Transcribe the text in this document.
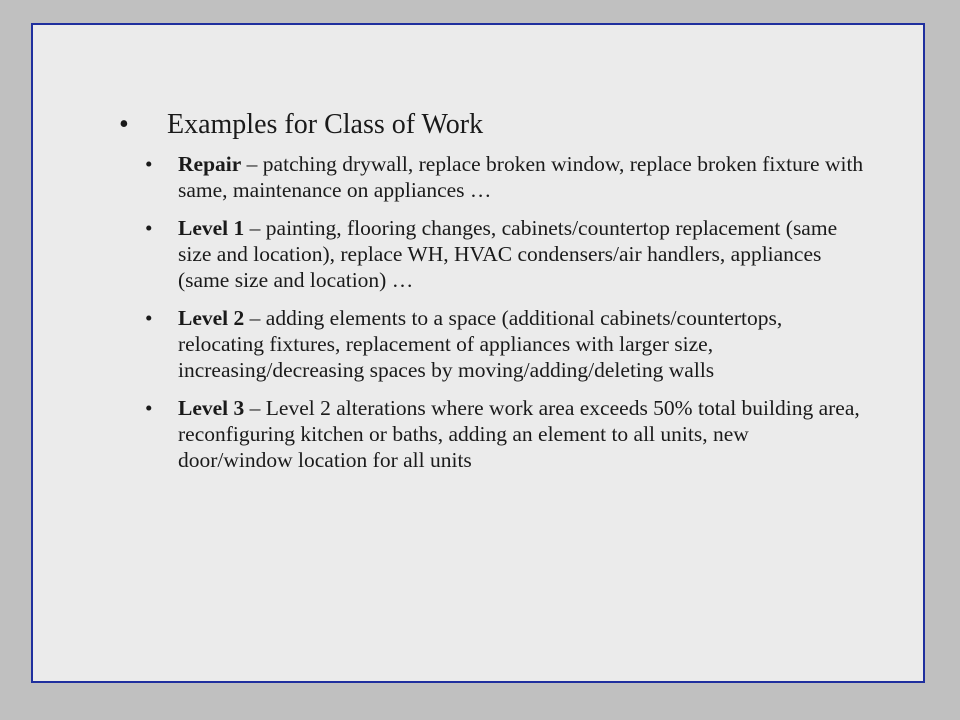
•	Examples for Class of Work
•	Repair – patching drywall, replace broken window, replace broken fixture with same, maintenance on appliances …
•	Level 1 – painting, flooring changes, cabinets/countertop replacement (same size and location), replace WH, HVAC condensers/air handlers, appliances (same size and location) …
•	Level 2 – adding elements to a space (additional cabinets/countertops, relocating fixtures, replacement of appliances with larger size, increasing/decreasing spaces by moving/adding/deleting walls
•	Level 3 – Level 2 alterations where work area exceeds 50% total building area, reconfiguring kitchen or baths, adding an element to all units, new door/window location for all units
